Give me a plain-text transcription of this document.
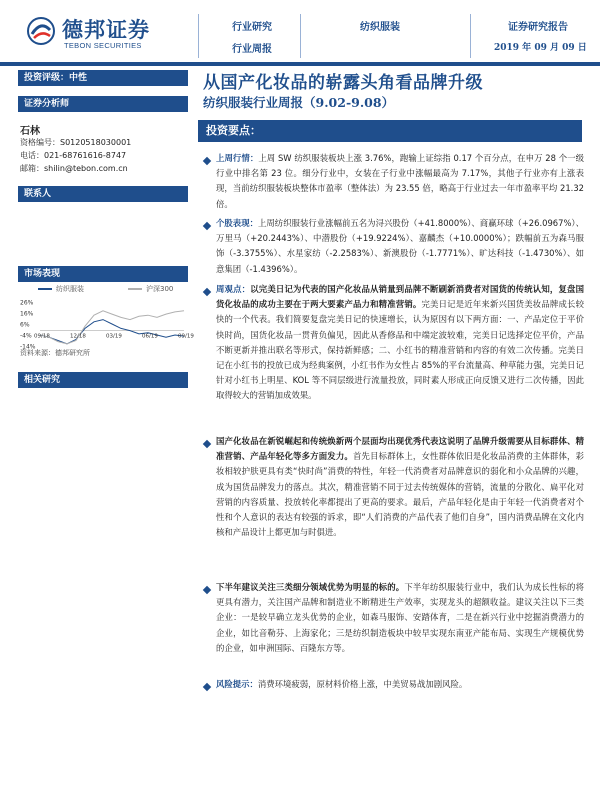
德邦证券
TEBON SECURITIES
行业研究
行业周报
纺织服装	证券研究报告
2019 年 09 月 09 日
投资评级：中性
证券分析师
石林
资格编号：S0120518030001
电话：021-68761616-8747
邮箱：shilin@tebon.com.cn
联系人
市场表现
纺织服装	沪深300
资料来源：德邦研究所
相关研究
26%
16%
6%
-4%
-14%
09/18	12/18	03/19	06/19	09/19
从国产化妆品的崭露头角看品牌升级
纺织服装行业周报（9.02-9.08）
投资要点：
上周行情：上周 SW 纺织服装板块上涨 3.76%，跑输上证综指 0.17 个百分点，在申万 28 个一级行业中排名第 23 位。细分行业中，女装在子行业中涨幅最高为 7.17%，其他子行业亦有上涨表现，当前纺织服装板块整体市盈率（整体法）为 23.55 倍，略高于行业过去一年市盈率平均 21.32 倍。
个股表现：上周纺织服装行业涨幅前五名为浔兴股份（+41.8000%）、商赢环球（+26.0967%）、万里马（+20.2443%）、中潜股份（+19.9224%）、嘉麟杰（+10.0000%）；跌幅前五为森马服饰（-3.3755%）、水星家纺（-2.2583%）、新澳股份（-1.7771%）、旷达科技（-1.4730%）、如意集团（-1.4396%）。
周观点：以完美日记为代表的国产化妆品从销量到品牌不断刷新消费者对国货的传统认知，复盘国货化妆品的成功主要在于两大要素产品力和精准营销。完美日记是近年来新兴国货美妆品牌成长较快的一个代表。我们简要复盘完美日记的快速增长，认为原因有以下两方面：一、产品定位于平价快时尚，国货化妆品一贯背负偏见，因此从香修品和中端定波较难，完美日记选择定位平价，产品不断更新并推出联名等形式，保持新鲜感；二、小红书的精准营销和内容的有效二次传播。完美日记在小红书的投放已成为经典案例，小红书作为女性占 85%的平台流量高、种草能力强，完美日记针对小红书上明星、KOL 等不同层级进行流量投放，同时素人形成正向反馈又进行二次传播，因此取得较大的营销加成效果。
国产化妆品在新锐崛起和传统焕新两个层面均出现优秀代表这说明了品牌升级需要从目标群体、精准营销、产品年轻化等多方面发力。首先目标群体上，女性群体依旧是化妆品消费的主体群体，彩妆相较护肤更具有类“快时尚”消费的特性，年轻一代消费者对品牌意识的弱化和小众品牌的兴趣，成为国货品牌发力的落点。其次，精准营销不同于过去传统媒体的营销，流量的分散化、扁平化对营销的内容质量、投放转化率都提出了更高的要求。最后，产品年轻化是由于年轻一代消费者对个性和个人意识的表达有较强的诉求，即“人们消费的产品代表了他们自身”，国内消费品牌在文化内核和产品设计上都更加与时俱进。
下半年建议关注三类细分领域优势为明显的标的。下半年纺织服装行业中，我们认为成长性标的将更具有潜力，关注国产品牌和制造业不断精进生产效率，实现龙头的超额收益。建议关注以下三类企业：一是较早确立龙头优势的企业，如森马服饰、安踏体育，二是在新兴行业中挖掘消费潜力的企业，如比音勒芬、上海家化；三是纺织制造板块中较早实现东南亚产能布局、实现生产规模优势的企业，如申洲国际、百隆东方等。
风险提示：消费环境疲弱，原材料价格上涨，中美贸易战加剧风险。
